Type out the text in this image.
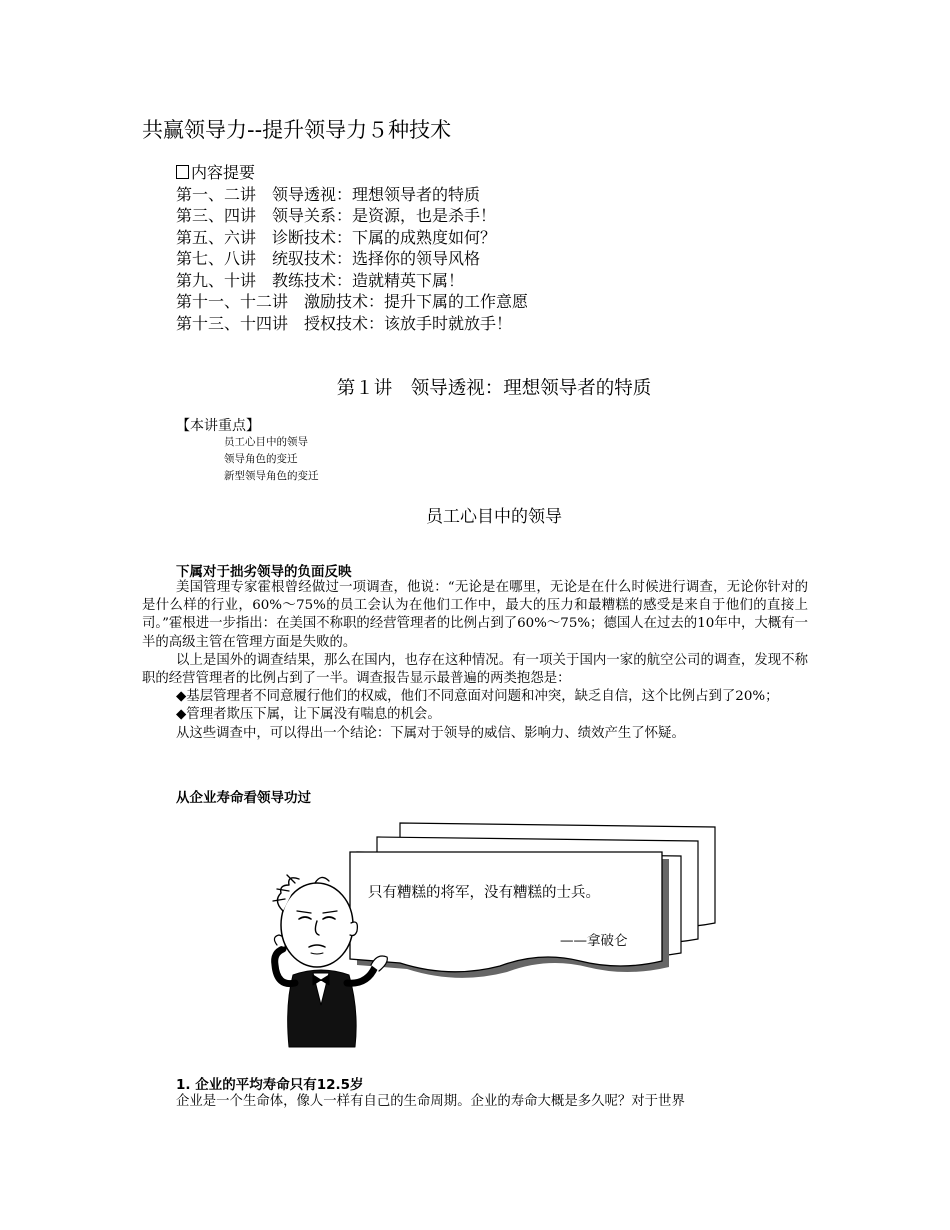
共赢领导力--提升领导力５种技术
内容提要
第一、二讲　领导透视：理想领导者的特质
第三、四讲　领导关系：是资源，也是杀手！
第五、六讲　诊断技术：下属的成熟度如何？
第七、八讲　统驭技术：选择你的领导风格
第九、十讲　教练技术：造就精英下属！
第十一、十二讲　激励技术：提升下属的工作意愿
第十三、十四讲　授权技术：该放手时就放手！
第１讲　领导透视：理想领导者的特质
【本讲重点】
员工心目中的领导
领导角色的变迁
新型领导角色的变迁
员工心目中的领导
下属对于拙劣领导的负面反映

美国管理专家霍根曾经做过一项调查，他说：“无论是在哪里，无论是在什么时候进行调查，无论你针对的是什么样的行业，60%～75%的员工会认为在他们工作中，最大的压力和最糟糕的感受是来自于他们的直接上司。”霍根进一步指出：在美国不称职的经营管理者的比例占到了60%～75%；德国人在过去的10年中，大概有一半的高级主管在管理方面是失败的。

以上是国外的调查结果，那么在国内，也存在这种情况。有一项关于国内一家的航空公司的调查，发现不称职的经营管理者的比例占到了一半。调查报告显示最普遍的两类抱怨是：

◆基层管理者不同意履行他们的权威，他们不同意面对问题和冲突，缺乏自信，这个比例占到了20%；

◆管理者欺压下属，让下属没有喘息的机会。

从这些调查中，可以得出一个结论：下属对于领导的威信、影响力、绩效产生了怀疑。

从企业寿命看领导功过
只有糟糕的将军，没有糟糕的士兵。
——拿破仑
1. 企业的平均寿命只有12.5岁

企业是一个生命体，像人一样有自己的生命周期。企业的寿命大概是多久呢？对于世界
